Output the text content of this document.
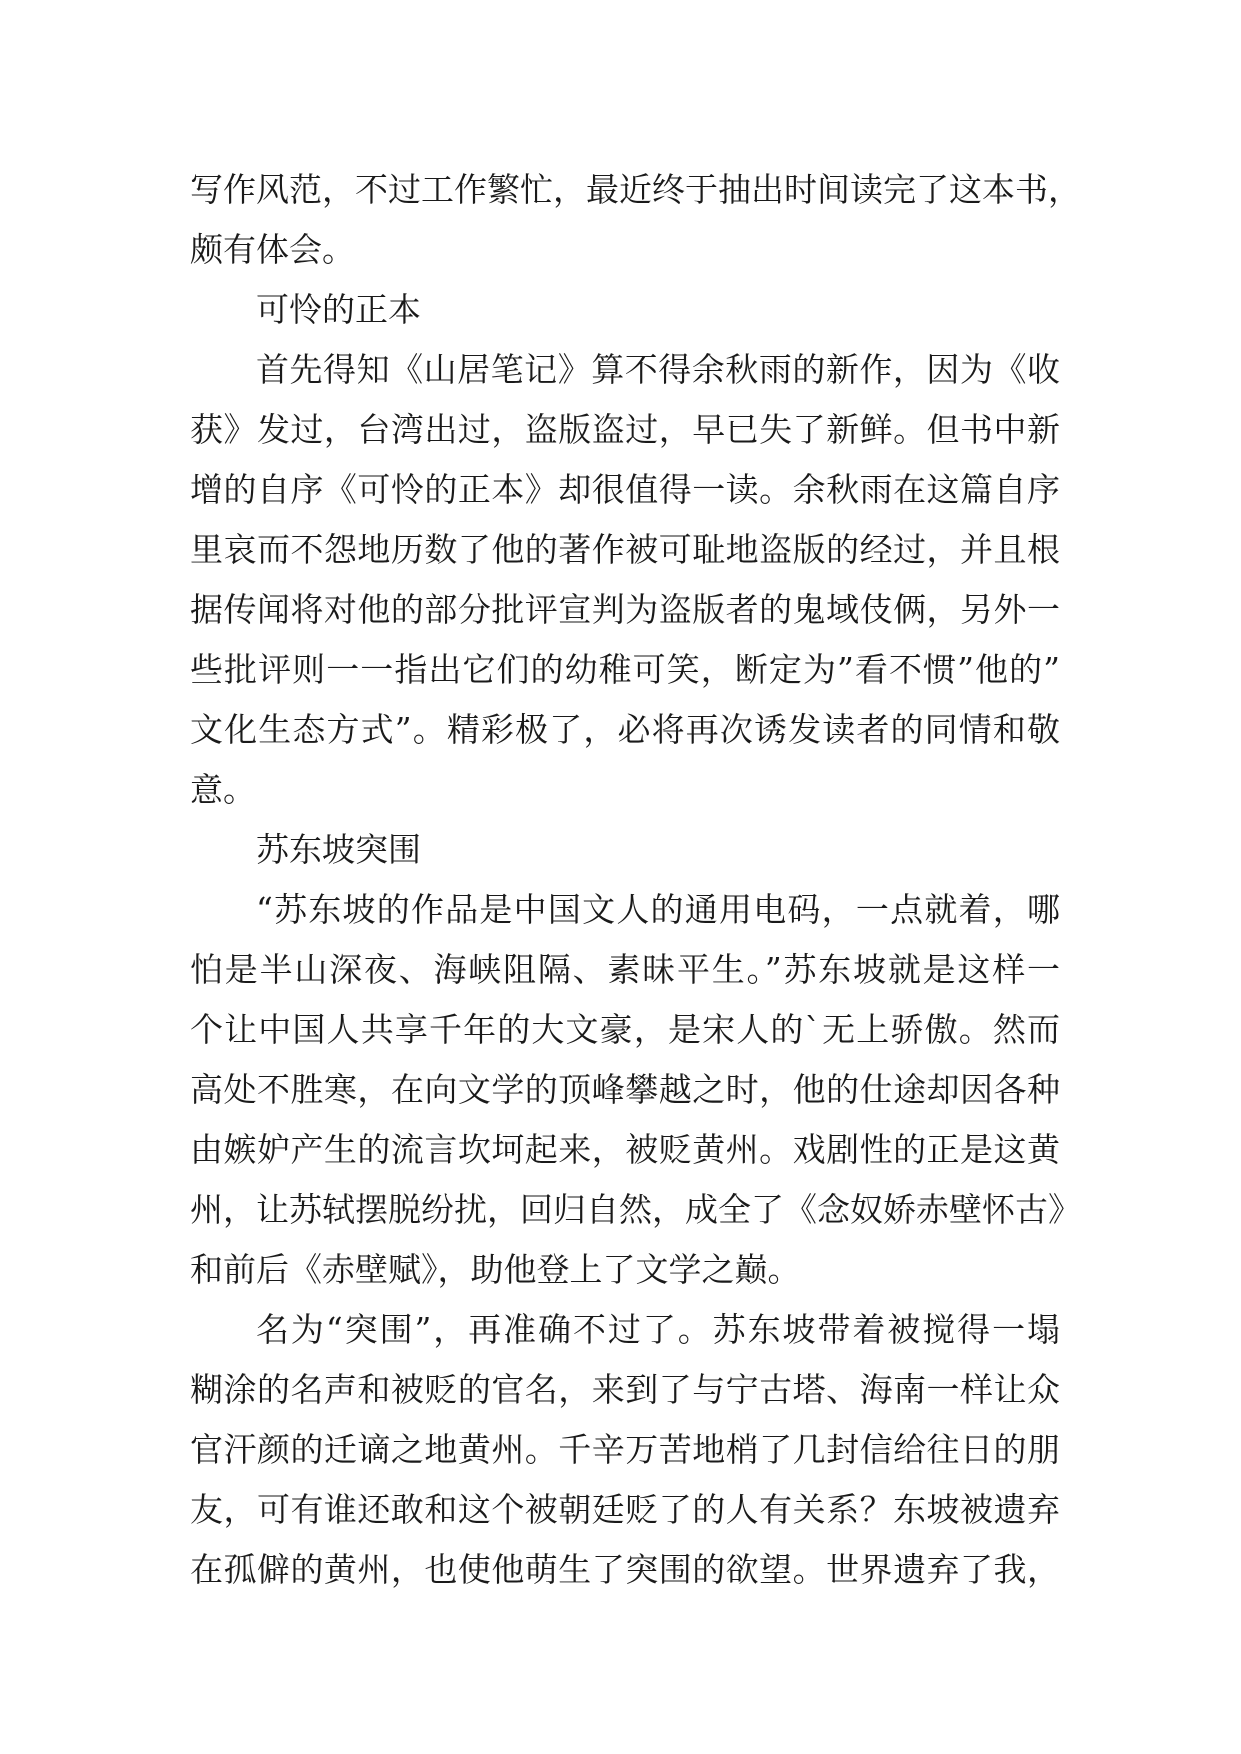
写作风范，不过工作繁忙，最近终于抽出时间读完了这本书，
颇有体会。
可怜的正本
首先得知《山居笔记》算不得余秋雨的新作，因为《收
获》发过，台湾出过，盗版盗过，早已失了新鲜。但书中新
增的自序《可怜的正本》却很值得一读。余秋雨在这篇自序
里哀而不怨地历数了他的著作被可耻地盗版的经过，并且根
据传闻将对他的部分批评宣判为盗版者的鬼域伎俩，另外一
些批评则一一指出它们的幼稚可笑，断定为”看不惯”他的”
文化生态方式”。精彩极了，必将再次诱发读者的同情和敬
意。
苏东坡突围
“苏东坡的作品是中国文人的通用电码，一点就着，哪
怕是半山深夜、海峡阻隔、素昧平生。”苏东坡就是这样一
个让中国人共享千年的大文豪，是宋人的`无上骄傲。然而
高处不胜寒，在向文学的顶峰攀越之时，他的仕途却因各种
由嫉妒产生的流言坎坷起来，被贬黄州。戏剧性的正是这黄
州，让苏轼摆脱纷扰，回归自然，成全了《念奴娇赤壁怀古》
和前后《赤壁赋》，助他登上了文学之巅。
名为“突围”，再准确不过了。苏东坡带着被搅得一塌
糊涂的名声和被贬的官名，来到了与宁古塔、海南一样让众
官汗颜的迁谪之地黄州。千辛万苦地梢了几封信给往日的朋
友，可有谁还敢和这个被朝廷贬了的人有关系？东坡被遗弃
在孤僻的黄州，也使他萌生了突围的欲望。世界遗弃了我，
